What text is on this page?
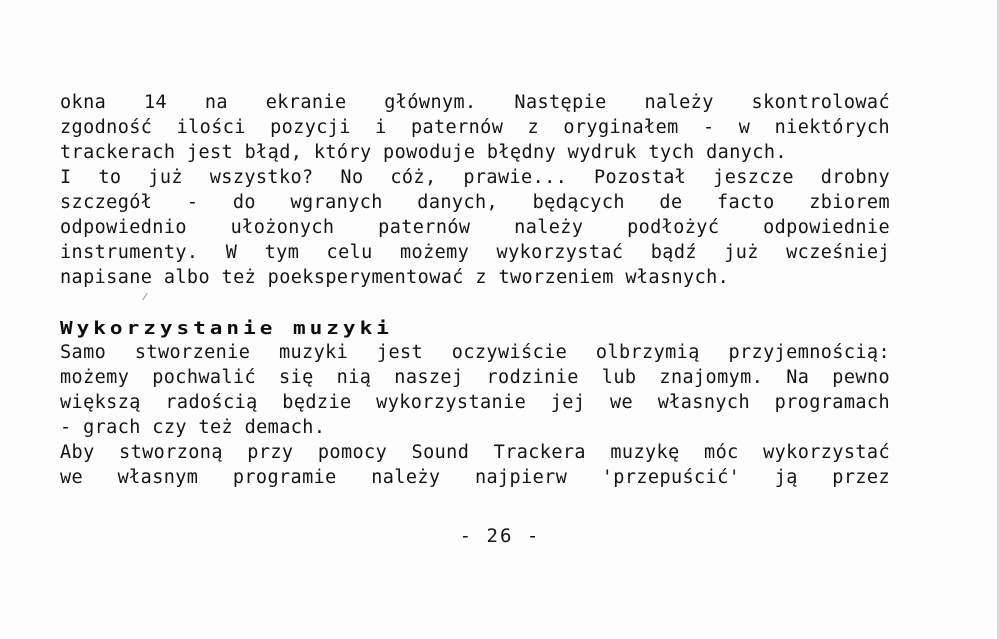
okna 14 na ekranie głównym. Następie należy skontrolować
zgodność ilości pozycji i paternów z oryginałem - w niektórych
trackerach jest błąd, który powoduje błędny wydruk tych danych.
I to już wszystko? No cóż, prawie... Pozostał jeszcze drobny
szczegół - do wgranych danych, będących de facto zbiorem
odpowiednio ułożonych paternów należy podłożyć odpowiednie
instrumenty. W tym celu możemy wykorzystać bądź już wcześniej
napisane albo też poeksperymentować z tworzeniem własnych.
Wykorzystanie muzyki
Samo stworzenie muzyki jest oczywiście olbrzymią przyjemnością:
możemy pochwalić się nią naszej rodzinie lub znajomym. Na pewno
większą radością będzie wykorzystanie jej we własnych programach
- grach czy też demach.
Aby stworzoną przy pomocy Sound Trackera muzykę móc wykorzystać
we własnym programie należy najpierw 'przepuścić' ją przez
- 26 -
